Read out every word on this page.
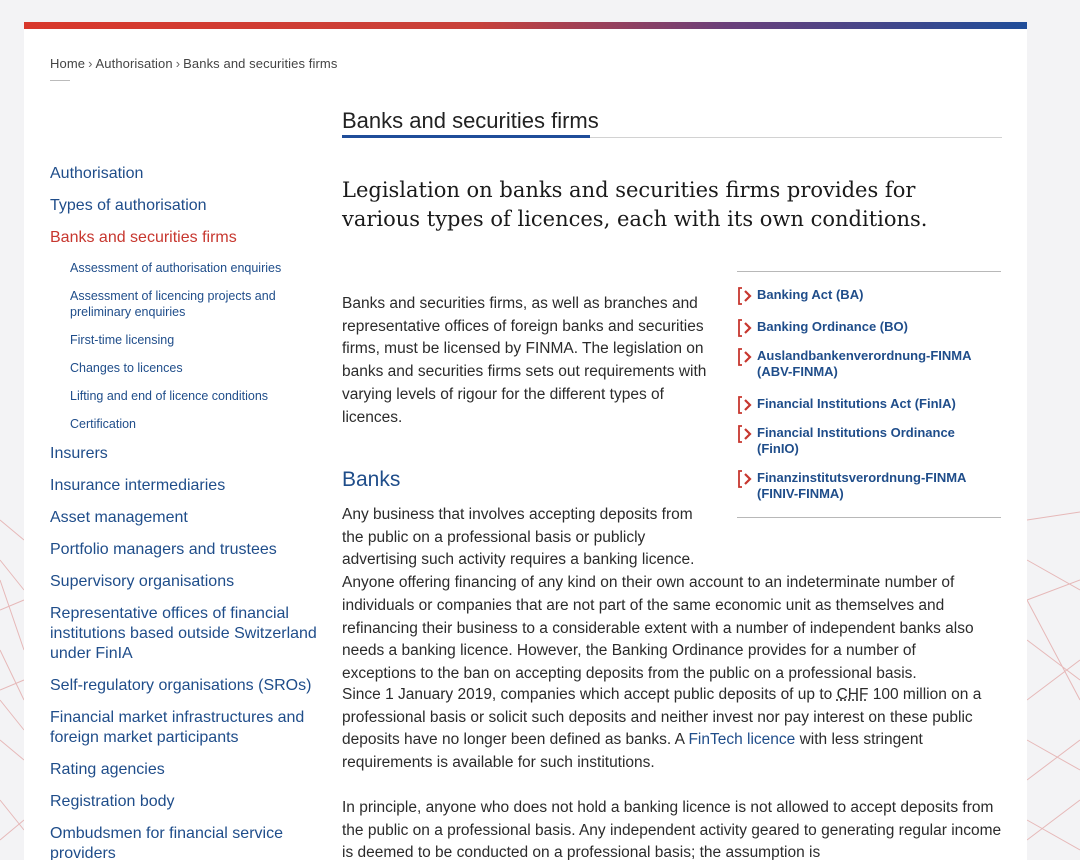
Home › Authorisation › Banks and securities firms
Authorisation
Types of authorisation
Banks and securities firms
Assessment of authorisation enquiries
Assessment of licencing projects and preliminary enquiries
First-time licensing
Changes to licences
Lifting and end of licence conditions
Certification
Insurers
Insurance intermediaries
Asset management
Portfolio managers and trustees
Supervisory organisations
Representative offices of financial institutions based outside Switzerland under FinIA
Self-regulatory organisations (SROs)
Financial market infrastructures and foreign market participants
Rating agencies
Registration body
Ombudsmen for financial service providers
Banks and securities firms
Legislation on banks and securities firms provides for various types of licences, each with its own conditions.

Banks and securities firms, as well as branches and representative offices of foreign banks and securities firms, must be licensed by FINMA. The legislation on banks and securities firms sets out requirements with varying levels of rigour for the different types of licences.

Banks

Any business that involves accepting deposits from the public on a professional basis or publicly advertising such activity requires a banking licence.
Anyone offering financing of any kind on their own account to an indeterminate number of individuals or companies that are not part of the same economic unit as themselves and refinancing their business to a considerable extent with a number of independent banks also needs a banking licence. However, the Banking Ordinance provides for a number of exceptions to the ban on accepting deposits from the public on a professional basis.

Since 1 January 2019, companies which accept public deposits of up to CHF 100 million on a professional basis or solicit such deposits and neither invest nor pay interest on these public deposits have no longer been defined as banks. A FinTech licence with less stringent requirements is available for such institutions.

In principle, anyone who does not hold a banking licence is not allowed to accept deposits from the public on a professional basis. Any independent activity geared to generating regular income is deemed to be conducted on a professional basis; the assumption is

Banking Act (BA)
Banking Ordinance (BO)
Auslandbankenverordnung-FINMA (ABV-FINMA)
Financial Institutions Act (FinIA)
Financial Institutions Ordinance (FinIO)
Finanzinstitutsverordnung-FINMA (FINIV-FINMA)
